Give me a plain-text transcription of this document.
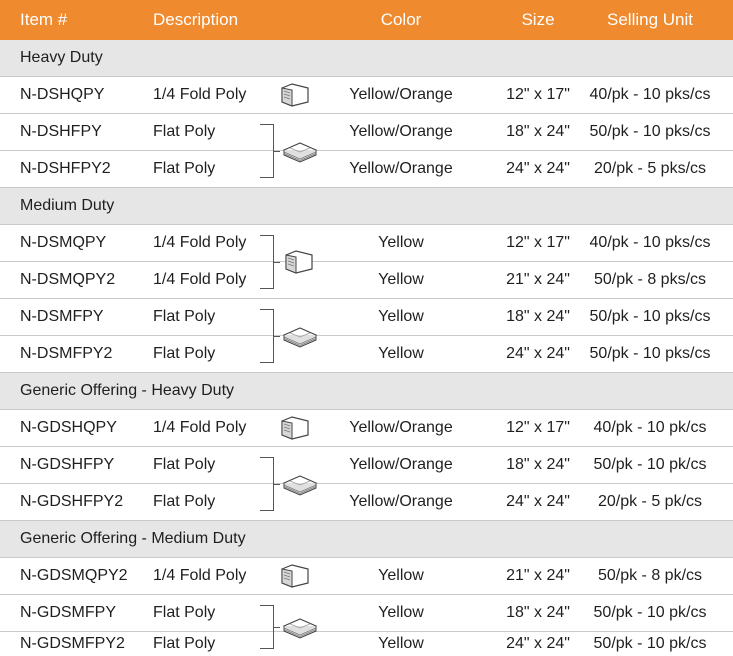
Item #	Description	Color	Size	Selling Unit
Heavy Duty
N-DSHQPY	1/4 Fold Poly	Yellow/Orange	12" x 17"	40/pk - 10 pks/cs
N-DSHFPY	Flat Poly	Yellow/Orange	18" x 24"	50/pk - 10 pks/cs
N-DSHFPY2	Flat Poly	Yellow/Orange	24" x 24"	20/pk - 5 pks/cs
Medium Duty
N-DSMQPY	1/4 Fold Poly	Yellow	12" x 17"	40/pk - 10 pks/cs
N-DSMQPY2 1/4 Fold Poly	Yellow	21" x 24"	50/pk - 8 pks/cs
N-DSMFPY	Flat Poly	Yellow	18" x 24"	50/pk - 10 pks/cs
N-DSMFPY2	Flat Poly	Yellow	24" x 24"	50/pk - 10 pks/cs
Generic Offering - Heavy Duty
N-GDSHQPY 1/4 Fold Poly	Yellow/Orange	12" x 17"	40/pk - 10 pk/cs
N-GDSHFPY Flat Poly	Yellow/Orange	18" x 24"	50/pk - 10 pk/cs
N-GDSHFPY2 Flat Poly	Yellow/Orange	24" x 24"	20/pk - 5 pk/cs
Generic Offering - Medium Duty
N-GDSMQPY2 1/4 Fold Poly	Yellow	21" x 24"	50/pk - 8 pk/cs
N-GDSMFPY Flat Poly	Yellow	18" x 24"	50/pk - 10 pk/cs
N-GDSMFPY2 Flat Poly	Yellow	24" x 24"	50/pk - 10 pk/cs
